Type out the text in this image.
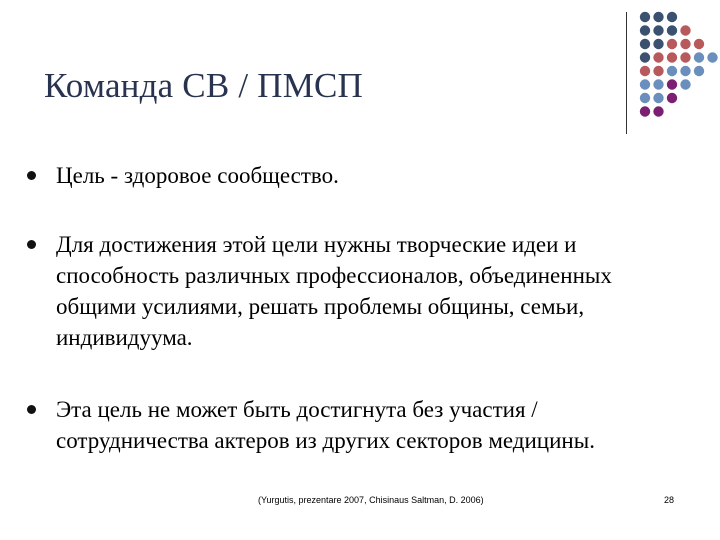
Команда СВ / ПМСП
Цель - здоровое сообщество.
Для достижения этой цели нужны творческие идеи и способность различных профессионалов, объединенных общими усилиями, решать проблемы общины, семьи, индивидуума.
Эта цель не может быть достигнута без участия / сотрудничества актеров из других секторов медицины.
(Yurgutis, prezentare 2007, Chisinaus Saltman, D. 2006)	28
